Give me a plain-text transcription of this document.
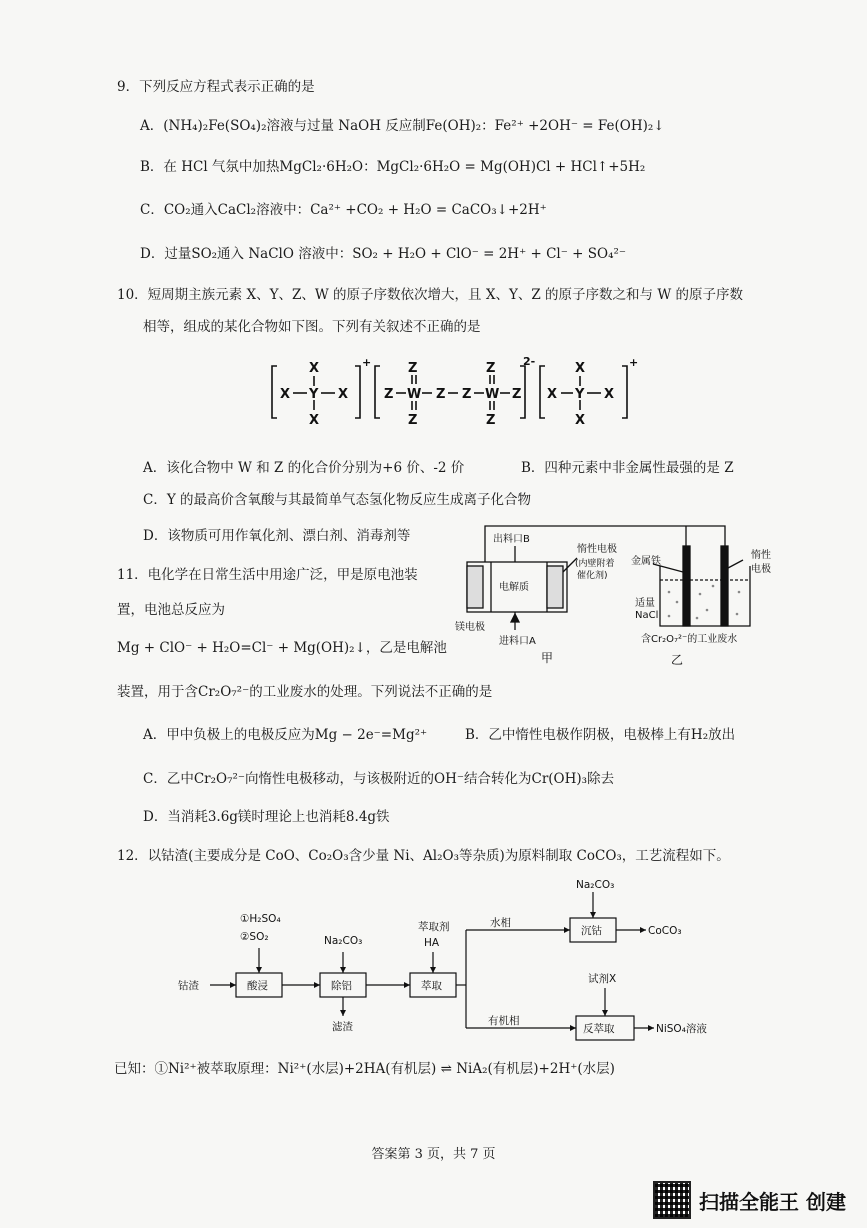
9．下列反应方程式表示正确的是
A．(NH₄)₂Fe(SO₄)₂溶液与过量 NaOH 反应制Fe(OH)₂：Fe²⁺ +2OH⁻ = Fe(OH)₂↓
B．在 HCl 气氛中加热MgCl₂·6H₂O：MgCl₂·6H₂O = Mg(OH)Cl + HCl↑+5H₂
C．CO₂通入CaCl₂溶液中：Ca²⁺ +CO₂ + H₂O = CaCO₃↓+2H⁺
D．过量SO₂通入 NaClO 溶液中：SO₂ + H₂O + ClO⁻ = 2H⁺ + Cl⁻ + SO₄²⁻
10．短周期主族元素 X、Y、Z、W 的原子序数依次增大，且 X、Y、Z 的原子序数之和与 W 的原子序数
相等，组成的某化合物如下图。下列有关叙述不正确的是
X
X Y X
X
+
Z
Z
W
Z
Z Z
Z
W
Z
Z
2-	X
X Y X
X
+
A．该化合物中 W 和 Z 的化合价分别为+6 价、-2 价	B．四种元素中非金属性最强的是 Z
C．Y 的最高价含氧酸与其最简单气态氢化物反应生成离子化合物
D．该物质可用作氧化剂、漂白剂、消毒剂等
11．电化学在日常生活中用途广泛，甲是原电池装
置，电池总反应为
Mg + ClO⁻ + H₂O=Cl⁻ + Mg(OH)₂↓，乙是电解池
装置，用于含Cr₂O₇²⁻的工业废水的处理。下列说法不正确的是
出料口B
惰性电极
(内壁附着
催化剂)
电解质
镁电极
进料口A
甲
金属铁
惰性
电极
适量
NaCl
含Cr₂O₇²⁻的工业废水
乙
A．甲中负极上的电极反应为Mg − 2e⁻=Mg²⁺	B．乙中惰性电极作阴极，电极棒上有H₂放出
C．乙中Cr₂O₇²⁻向惰性电极移动，与该极附近的OH⁻结合转化为Cr(OH)₃除去
D．当消耗3.6g镁时理论上也消耗8.4g铁
12．以钴渣(主要成分是 CoO、Co₂O₃含少量 Ni、Al₂O₃等杂质)为原料制取 CoCO₃，工艺流程如下。
钴渣
①H₂SO₄
②SO₂
酸浸
Na₂CO₃
除铝
滤渣
萃取剂
HA
萃取
水相
有机相
Na₂CO₃
沉钴	CoCO₃
试剂X
反萃取	NiSO₄溶液
已知：①Ni²⁺被萃取原理：Ni²⁺(水层)+2HA(有机层) ⇌ NiA₂(有机层)+2H⁺(水层)
答案第 3 页，共 7 页
扫描全能王 创建
